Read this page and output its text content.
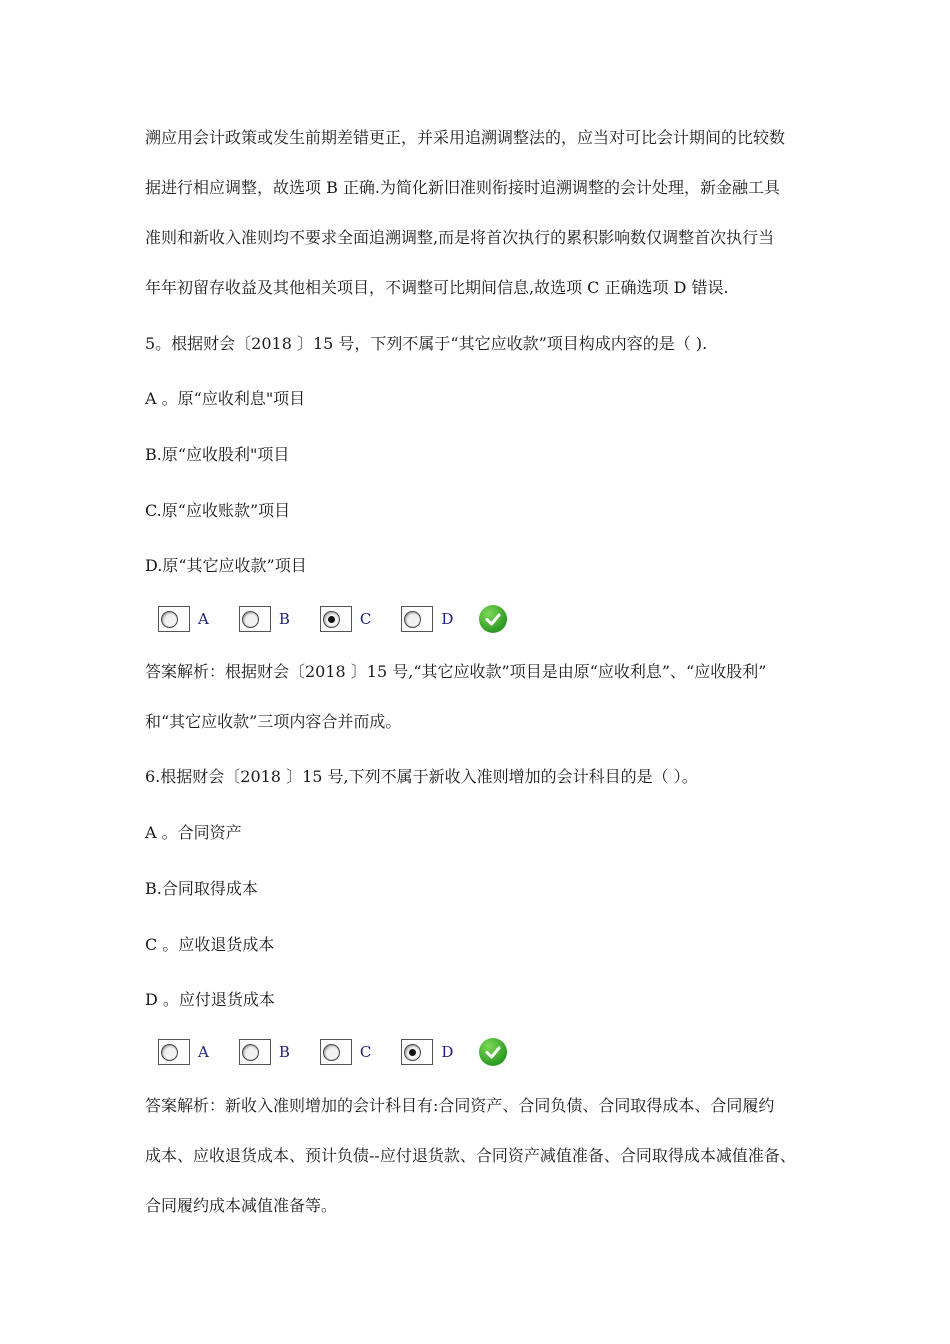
溯应用会计政策或发生前期差错更正，并采用追溯调整法的，应当对可比会计期间的比较数
据进行相应调整，故选项 B 正确.为简化新旧准则衔接时追溯调整的会计处理，新金融工具
准则和新收入准则均不要求全面追溯调整,而是将首次执行的累积影响数仅调整首次执行当
年年初留存收益及其他相关项目，不调整可比期间信息,故选项 C 正确选项 D 错误.
5。根据财会〔2018 〕15 号，下列不属于“其它应收款”项目构成内容的是（ ).
A 。原“应收利息"项目
B.原“应收股利"项目
C.原“应收账款”项目
D.原“其它应收款”项目
A	B	C	D
答案解析：根据财会〔2018 〕15 号,“其它应收款”项目是由原“应收利息”、“应收股利”
和“其它应收款”三项内容合并而成。
6.根据财会〔2018 〕15 号,下列不属于新收入准则增加的会计科目的是（ ）。
A 。合同资产
B.合同取得成本
C 。应收退货成本
D 。应付退货成本
A	B	C	D
答案解析：新收入准则增加的会计科目有:合同资产、合同负债、合同取得成本、合同履约
成本、应收退货成本、预计负债--应付退货款、合同资产减值准备、合同取得成本减值准备、
合同履约成本减值准备等。
